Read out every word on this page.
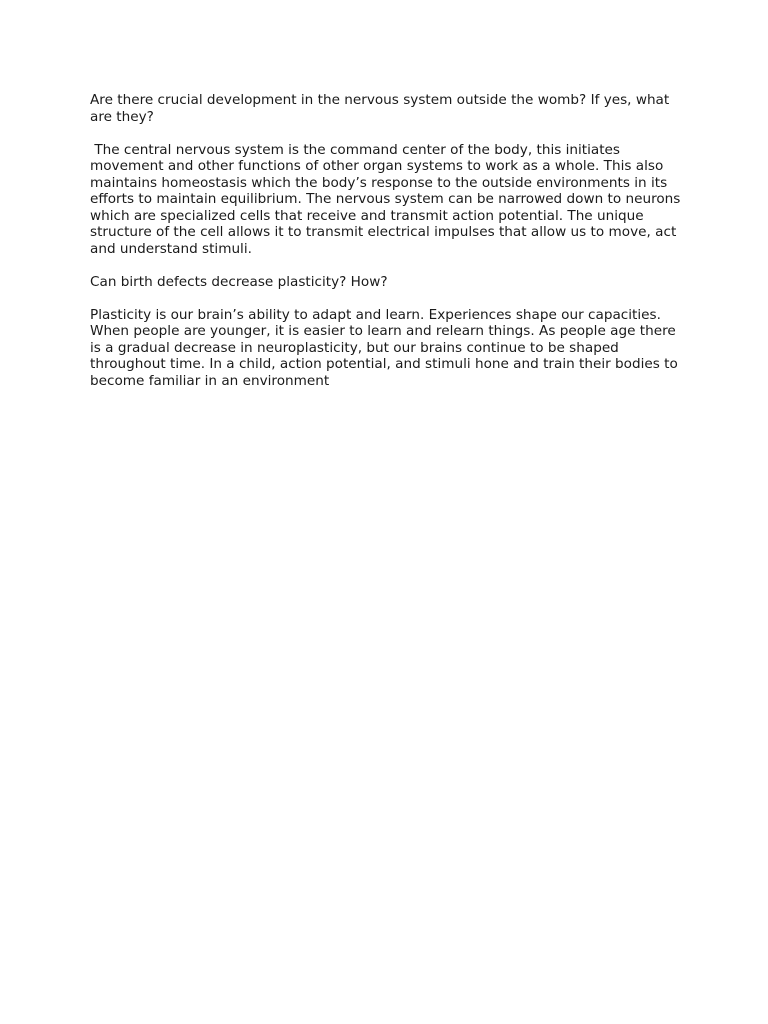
Are there crucial development in the nervous system outside the womb? If yes, what are they?

The central nervous system is the command center of the body, this initiates movement and other functions of other organ systems to work as a whole. This also maintains homeostasis which the body’s response to the outside environments in its efforts to maintain equilibrium. The nervous system can be narrowed down to neurons which are specialized cells that receive and transmit action potential. The unique structure of the cell allows it to transmit electrical impulses that allow us to move, act and understand stimuli.

Can birth defects decrease plasticity? How?

Plasticity is our brain’s ability to adapt and learn. Experiences shape our capacities. When people are younger, it is easier to learn and relearn things. As people age there is a gradual decrease in neuroplasticity, but our brains continue to be shaped throughout time. In a child, action potential, and stimuli hone and train their bodies to become familiar in an environment
